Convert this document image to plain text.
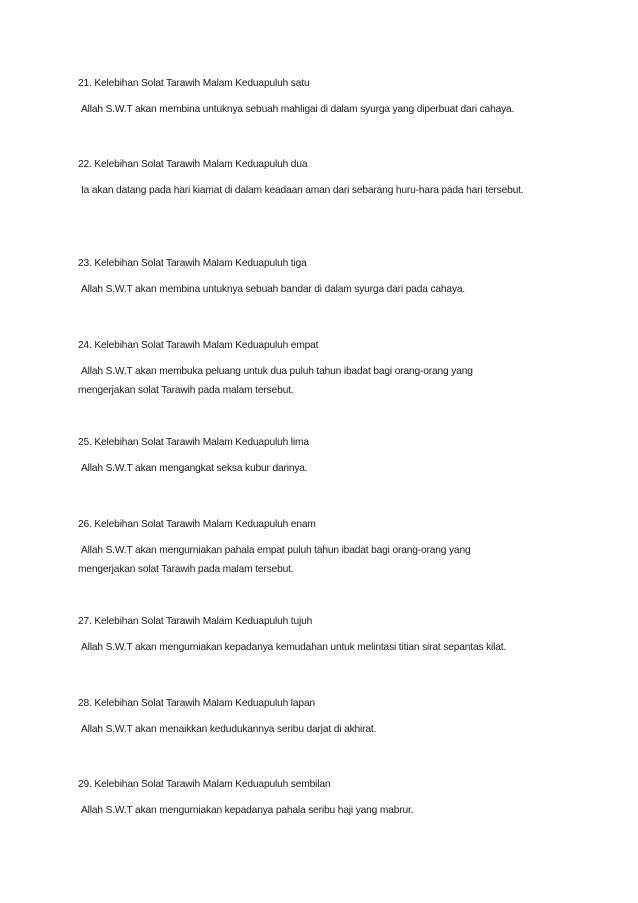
21. Kelebihan Solat Tarawih Malam Keduapuluh satu

Allah S.W.T akan membina untuknya sebuah mahligai di dalam syurga yang diperbuat dari cahaya.

22. Kelebihan Solat Tarawih Malam Keduapuluh dua

Ia akan datang pada hari kiamat di dalam keadaan aman dari sebarang huru-hara pada hari tersebut.

23. Kelebihan Solat Tarawih Malam Keduapuluh tiga

Allah S.W.T akan membina untuknya sebuah bandar di dalam syurga dari pada cahaya.

24. Kelebihan Solat Tarawih Malam Keduapuluh empat

Allah S.W.T akan membuka peluang untuk dua puluh tahun ibadat bagi orang-orang yang mengerjakan solat Tarawih pada malam tersebut.

25. Kelebihan Solat Tarawih Malam Keduapuluh lima

Allah S.W.T akan mengangkat seksa kubur darinya.

26. Kelebihan Solat Tarawih Malam Keduapuluh enam

Allah S.W.T akan mengurniakan pahala empat puluh tahun ibadat bagi orang-orang yang mengerjakan solat Tarawih pada malam tersebut.

27. Kelebihan Solat Tarawih Malam Keduapuluh tujuh

Allah S.W.T akan mengurniakan kepadanya kemudahan untuk melintasi titian sirat sepantas kilat.

28. Kelebihan Solat Tarawih Malam Keduapuluh lapan

Allah S.W.T akan menaikkan kedudukannya seribu darjat di akhirat.

29. Kelebihan Solat Tarawih Malam Keduapuluh sembilan

Allah S.W.T akan mengurniakan kepadanya pahala seribu haji yang mabrur.
